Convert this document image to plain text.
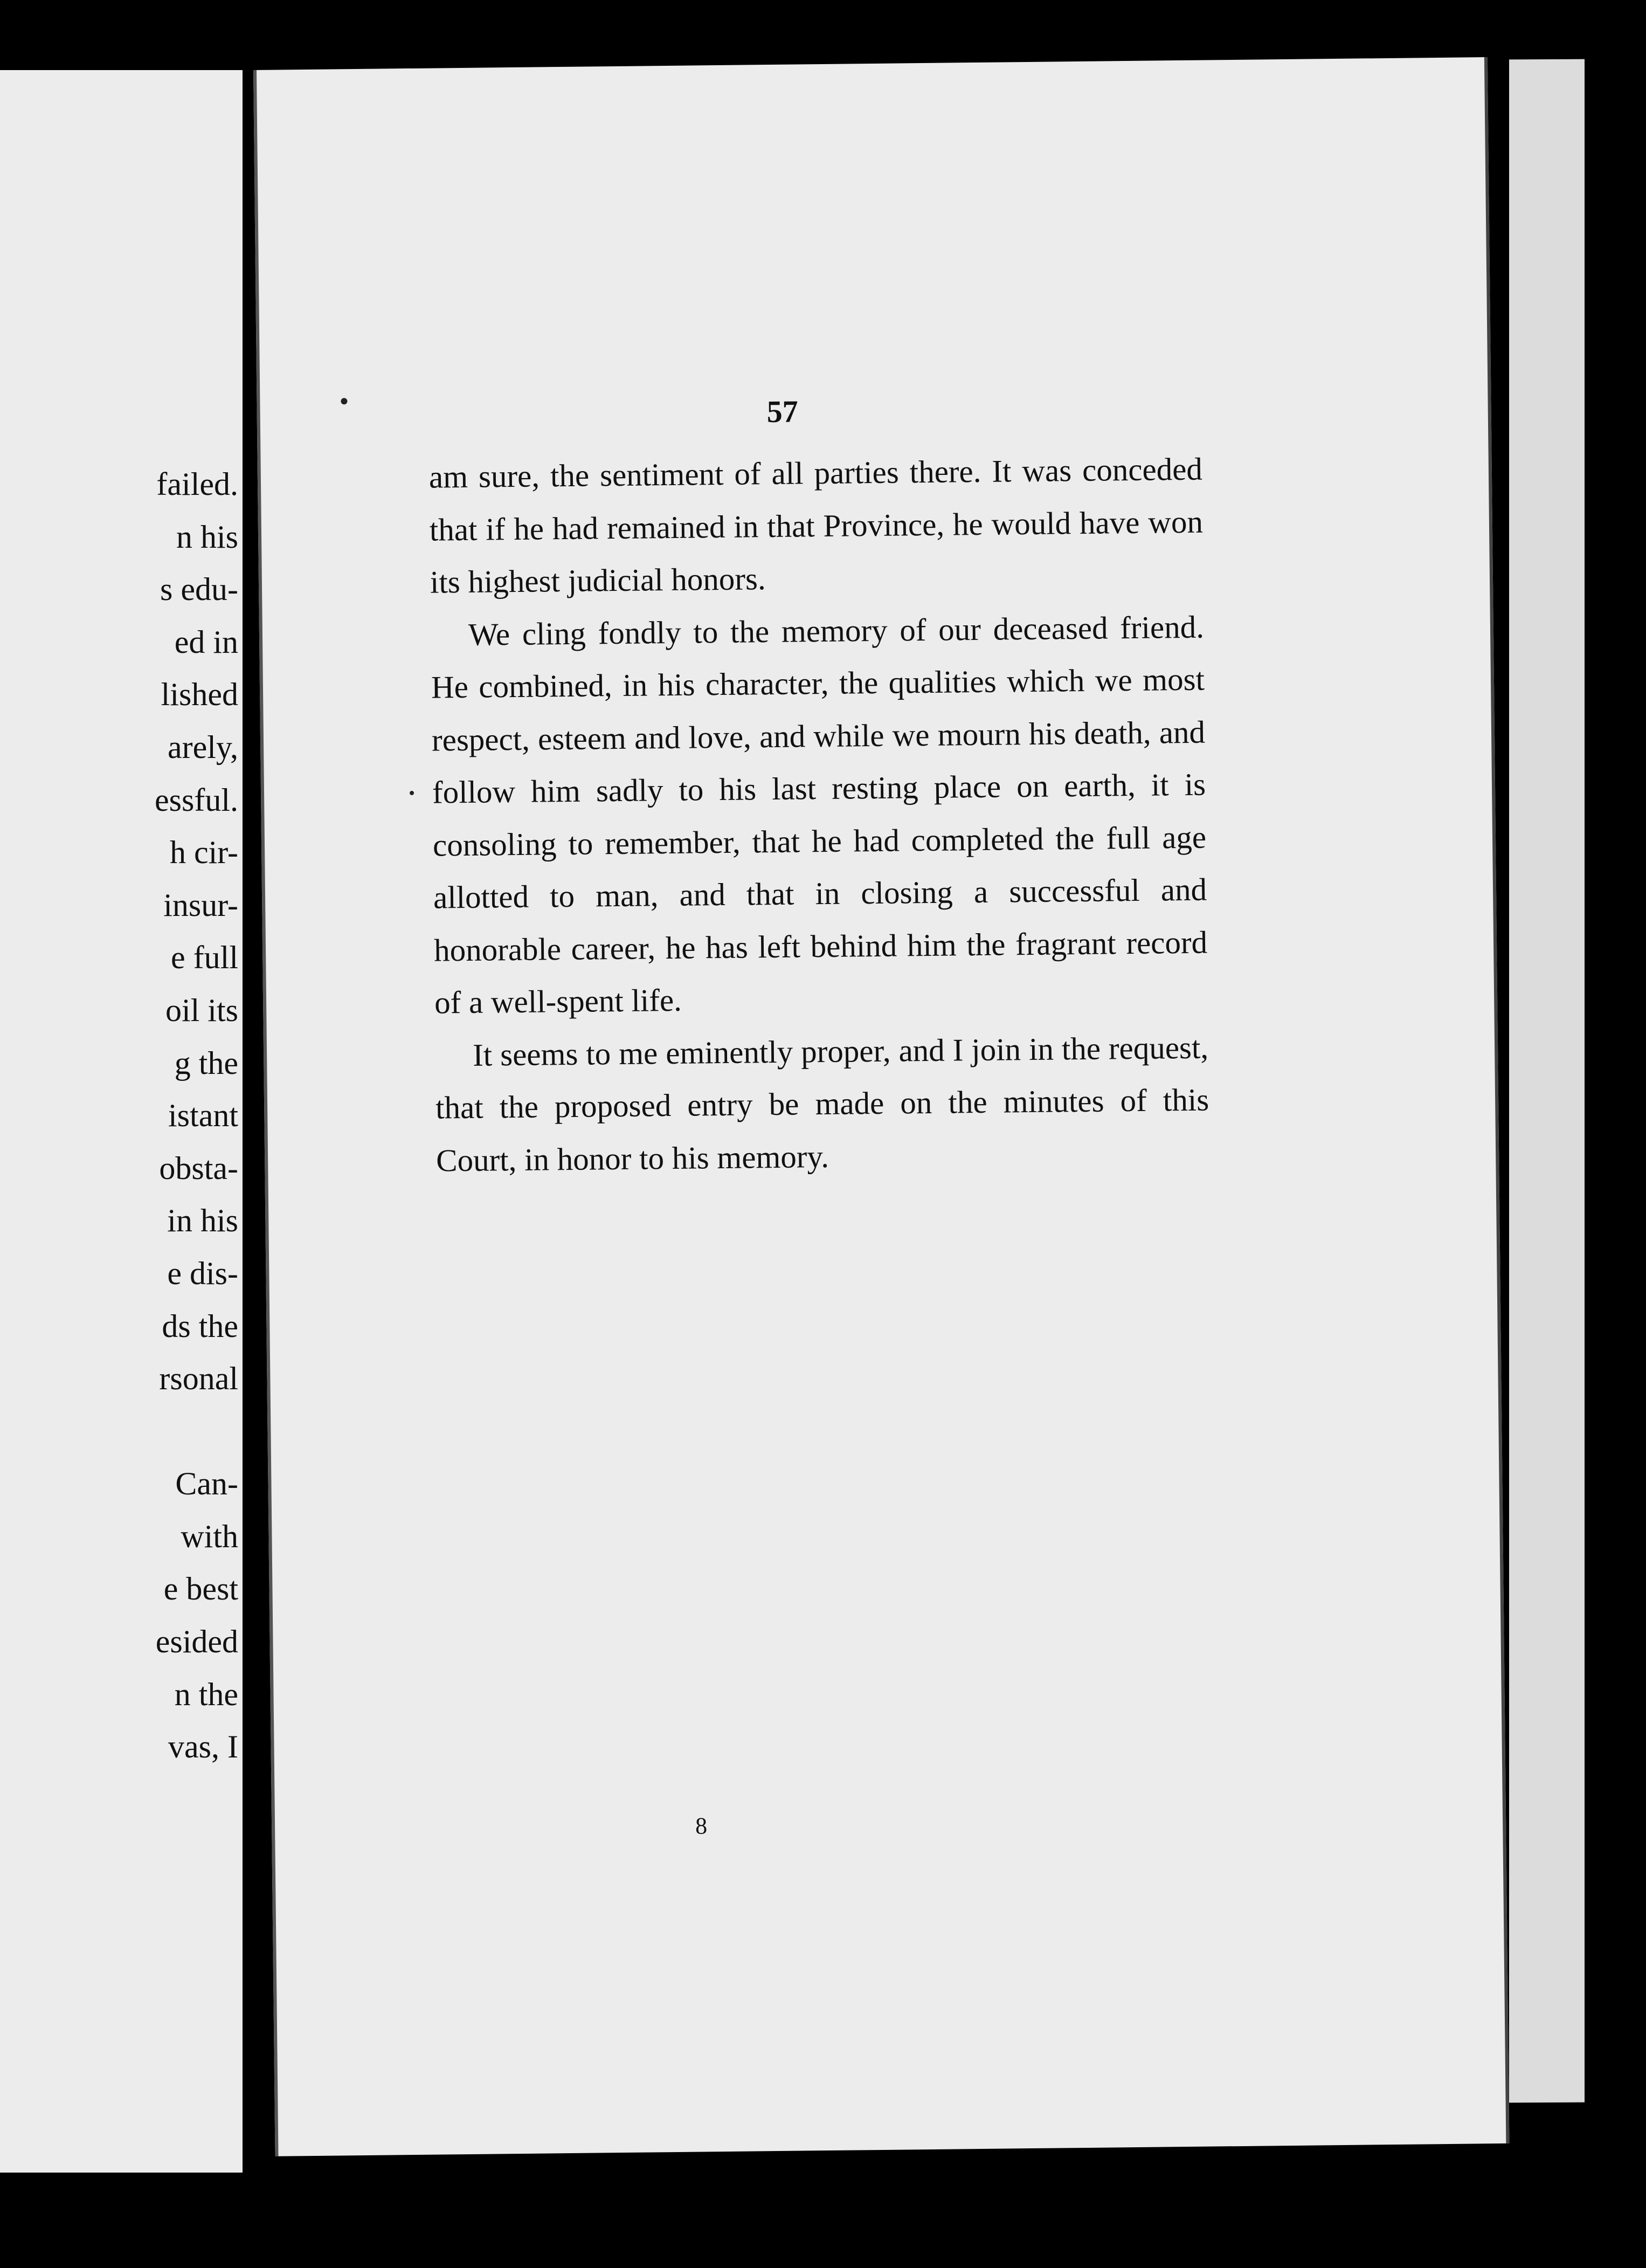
failed.
n his
s edu-
ed in
lished
arely,
essful.
h cir-
insur-
e full
oil its
g the
istant
obsta-
in his
e dis-
ds the
rsonal
Can-
with
e best
esided
n the
vas, I
57

am sure, the sentiment of all parties there. It was conceded that if he had remained in that Province, he would have won its highest judicial honors.

We cling fondly to the memory of our deceased friend. He combined, in his character, the qualities which we most respect, esteem and love, and while we mourn his death, and follow him sadly to his last resting place on earth, it is consoling to remember, that he had completed the full age allotted to man, and that in closing a successful and honorable career, he has left behind him the fragrant record of a well-spent life.

It seems to me eminently proper, and I join in the request, that the proposed entry be made on the minutes of this Court, in honor to his memory.

8
